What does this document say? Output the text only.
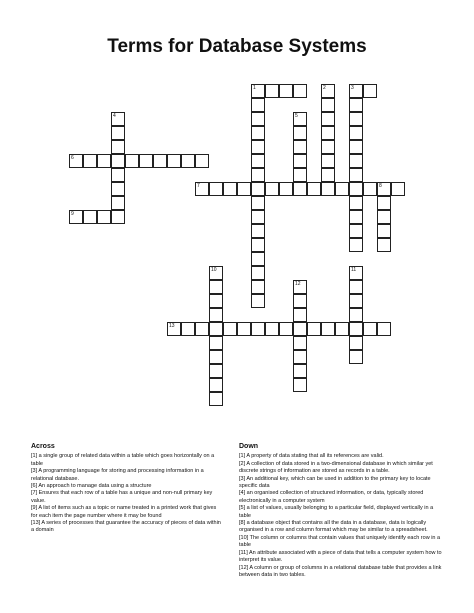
Terms for Database Systems
1	2	3
4	5
6
7	8
9
10	11
12
13
Across
[1] a single group of related data within a table which goes horizontally on a table
[3] A programming language for storing and processing information in a relational database.
[6] An approach to manage data using a structure
[7] Ensures that each row of a table has a unique and non-null primary key value.
[9] A list of items such as a topic or name treated in a printed work that gives for each item the page number where it may be found
[13] A series of processes that guarantee the accuracy of pieces of data within a domain
Down
[1] A property of data stating that all its references are valid.
[2] A collection of data stored in a two-dimensional database in which similar yet discrete strings of information are stored as records in a table.
[3] An additional key, which can be used in addition to the primary key to locate specific data
[4] an organised collection of structured information, or data, typically stored electronically in a computer system
[5] a list of values, usually belonging to a particular field, displayed vertically in a table
[8] a database object that contains all the data in a database, data is logically organised in a row and column format which may be similar to a spreadsheet.
[10] The column or columns that contain values that uniquely identify each row in a table
[11] An attribute associated with a piece of data that tells a computer system how to interpret its value.
[12] A column or group of columns in a relational database table that provides a link between data in two tables.
